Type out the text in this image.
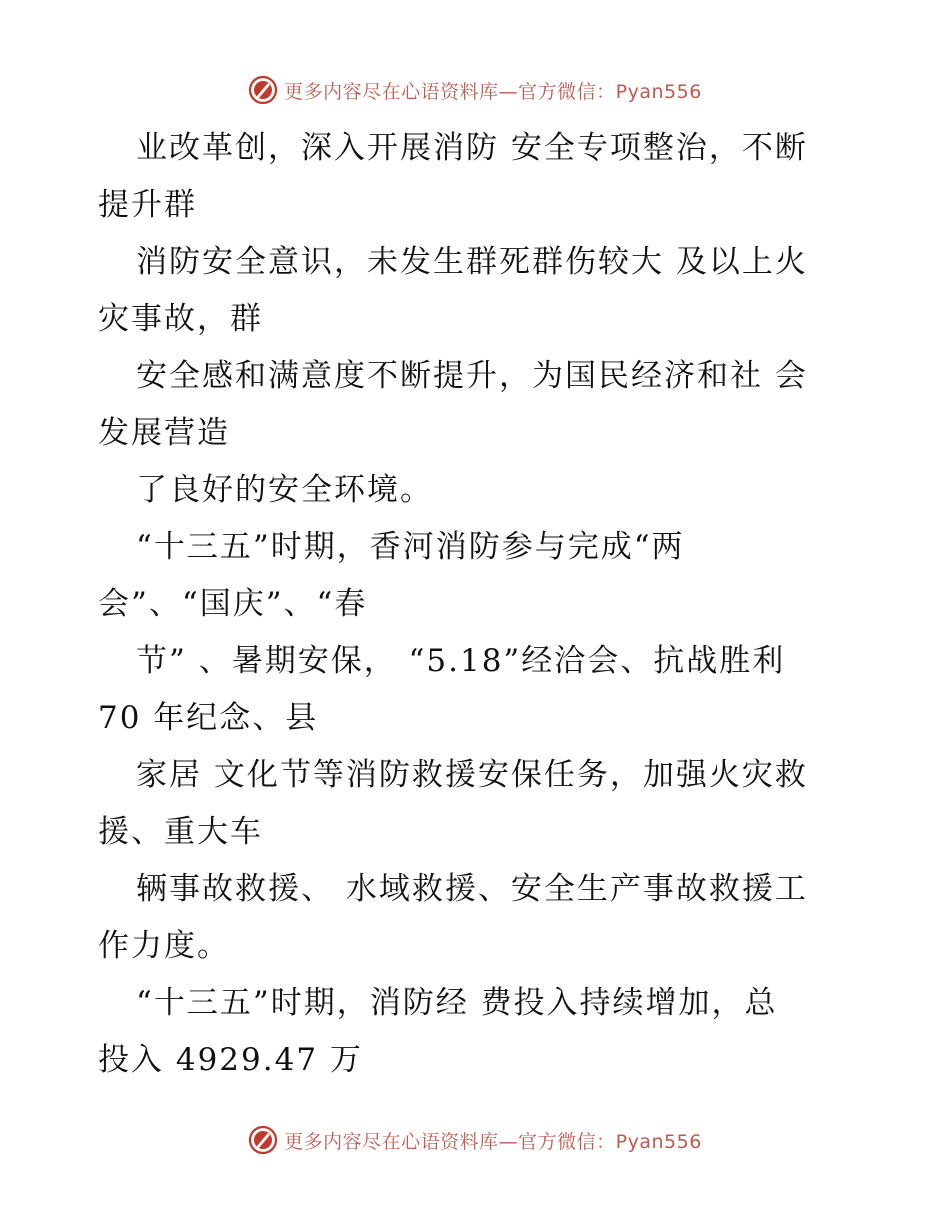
更多内容尽在心语资料库—官方微信：Pyan556
业改革创，深入开展消防 安全专项整治，不断
提升群
消防安全意识，未发生群死群伤较大 及以上火
灾事故，群
安全感和满意度不断提升，为国民经济和社 会
发展营造
了良好的安全环境。
“十三五”时期，香河消防参与完成“两
会”、“国庆”、“春
节” 、暑期安保， “5.18”经洽会、抗战胜利
70 年纪念、县
家居 文化节等消防救援安保任务，加强火灾救
援、重大车
辆事故救援、 水域救援、安全生产事故救援工
作力度。
“十三五”时期，消防经 费投入持续增加，总
投入 4929.47 万
更多内容尽在心语资料库—官方微信：Pyan556
